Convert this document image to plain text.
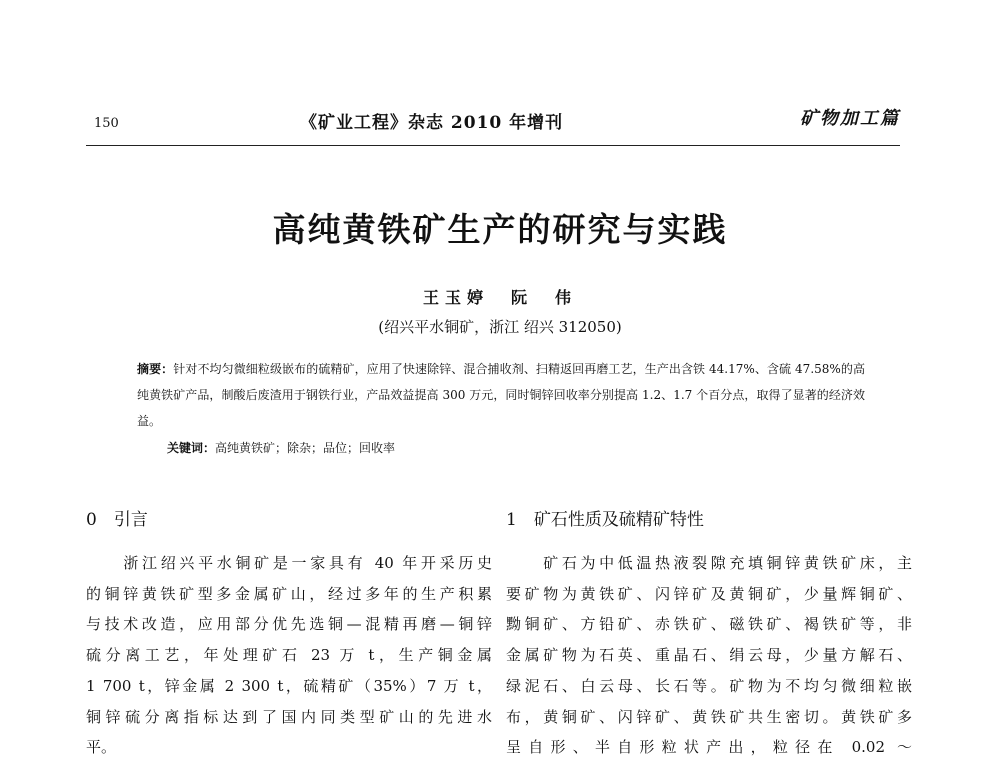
150	《矿业工程》杂志 2010 年增刊	矿物加工篇
高纯黄铁矿生产的研究与实践
王玉婷　阮　伟
(绍兴平水铜矿，浙江 绍兴 312050)
摘要：针对不均匀微细粒级嵌布的硫精矿，应用了快速除锌、混合捕收剂、扫精返回再磨工艺，生产出含铁 44.17%、含硫 47.58%的高纯黄铁矿产品，制酸后废渣用于钢铁行业，产品效益提高 300 万元，同时铜锌回收率分别提高 1.2、1.7 个百分点，取得了显著的经济效益。
关键词：高纯黄铁矿；除杂；品位；回收率
0　引言
　　浙江绍兴平水铜矿是一家具有 40 年开采历史
的铜锌黄铁矿型多金属矿山，经过多年的生产积累
与技术改造，应用部分优先选铜—混精再磨—铜锌
硫分离工艺，年处理矿石 23 万 t，生产铜金属
1 700 t，锌金属 2 300 t，硫精矿（35%）7 万 t，
铜锌硫分离指标达到了国内同类型矿山的先进水
平。
1　矿石性质及硫精矿特性
　　矿石为中低温热液裂隙充填铜锌黄铁矿床，主
要矿物为黄铁矿、闪锌矿及黄铜矿，少量辉铜矿、
黝铜矿、方铅矿、赤铁矿、磁铁矿、褐铁矿等，非
金属矿物为石英、重晶石、绢云母，少量方解石、
绿泥石、白云母、长石等。矿物为不均匀微细粒嵌
布，黄铜矿、闪锌矿、黄铁矿共生密切。黄铁矿多
呈自形、半自形粒状产出，粒径在 0.02 ～
